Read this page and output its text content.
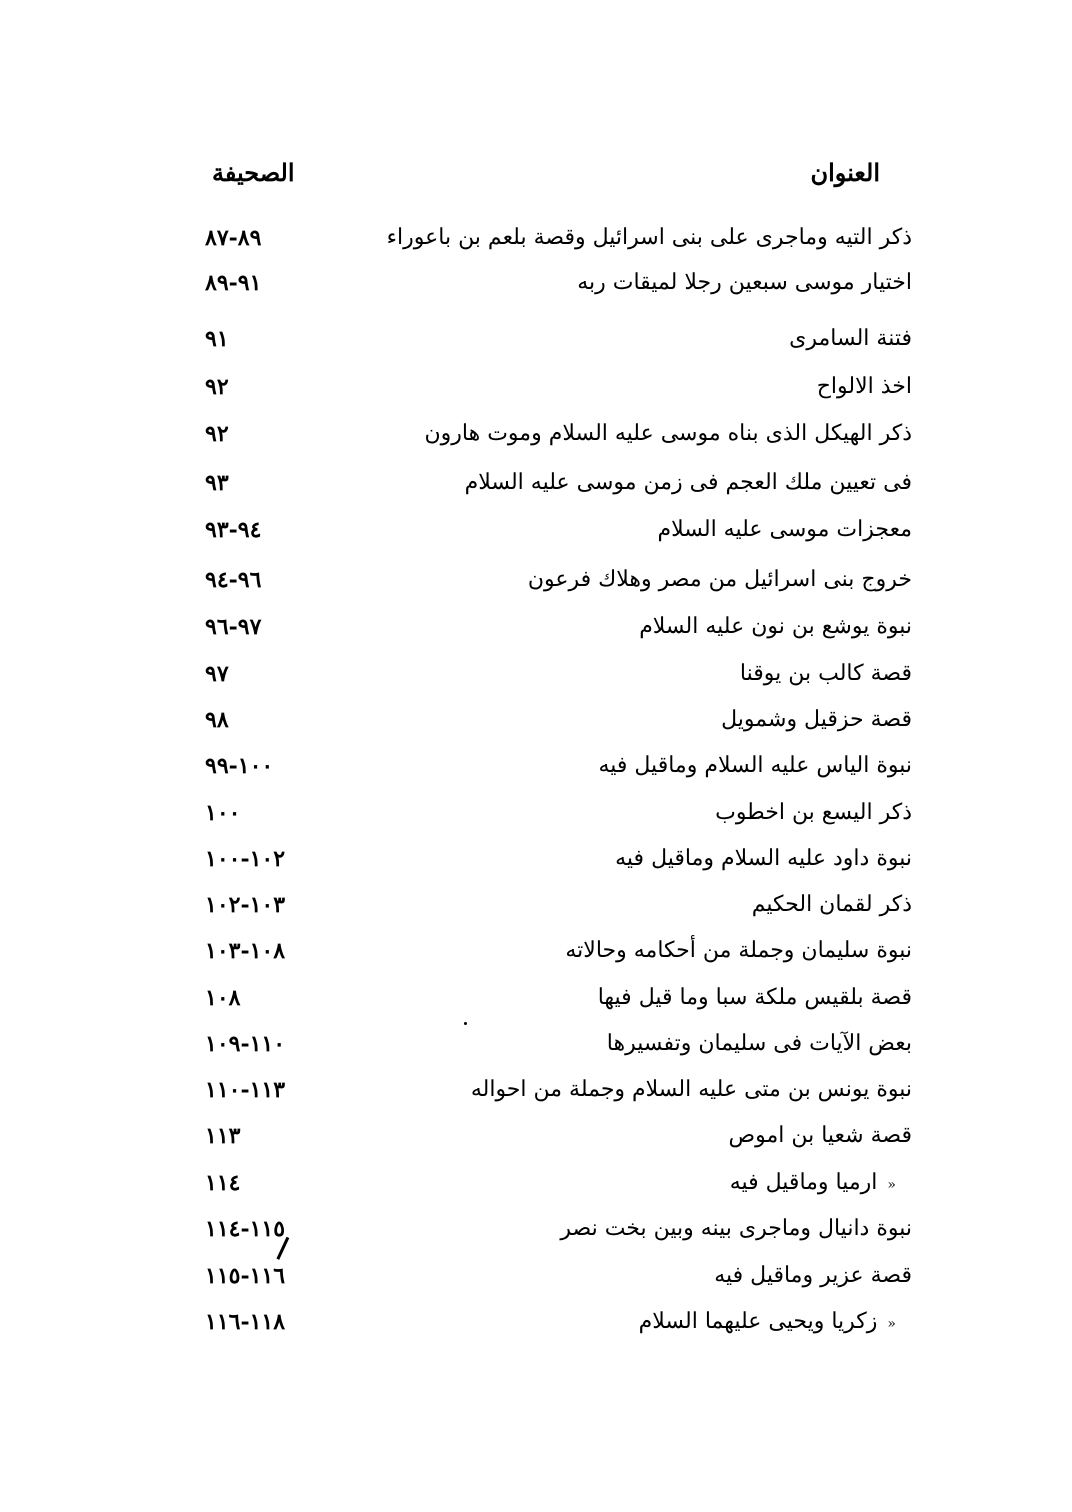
العنوان
الصحيفة
ذكر التيه وماجرى على بنى اسرائيل وقصة بلعم بن باعوراء
٨٩-٨٧
اختيار موسى سبعين رجلا لميقات ربه
٩١-٨٩
فتنة السامرى
٩١
اخذ الالواح
٩٢
ذكر الهيكل الذى بناه موسى عليه السلام وموت هارون
٩٢
فى تعيين ملك العجم فى زمن موسى عليه السلام
٩٣
معجزات موسى عليه السلام
٩٤-٩٣
خروج بنى اسرائيل من مصر وهلاك فرعون
٩٦-٩٤
نبوة يوشع بن نون عليه السلام
٩٧-٩٦
قصة كالب بن يوقنا
٩٧
قصة حزقيل وشمويل
٩٨
نبوة الياس عليه السلام وماقيل فيه
١٠٠-٩٩
ذكر اليسع بن اخطوب
١٠٠
نبوة داود عليه السلام وماقيل فيه
١٠٢-١٠٠
ذكر لقمان الحكيم
١٠٣-١٠٢
نبوة سليمان وجملة من أحكامه وحالاته
١٠٨-١٠٣
قصة بلقيس ملكة سبا وما قيل فيها
١٠٨
بعض الآيات فى سليمان وتفسيرها
١١٠-١٠٩
نبوة يونس بن متى عليه السلام وجملة من احواله
١١٣-١١٠
قصة شعيا بن اموص
١١٣
«ارميا وماقيل فيه
١١٤
نبوة دانيال وماجرى بينه وبين بخت نصر
١١٥-١١٤
قصة عزير وماقيل فيه
١١٦-١١٥
«زكريا ويحيى عليهما السلام
١١٨-١١٦
